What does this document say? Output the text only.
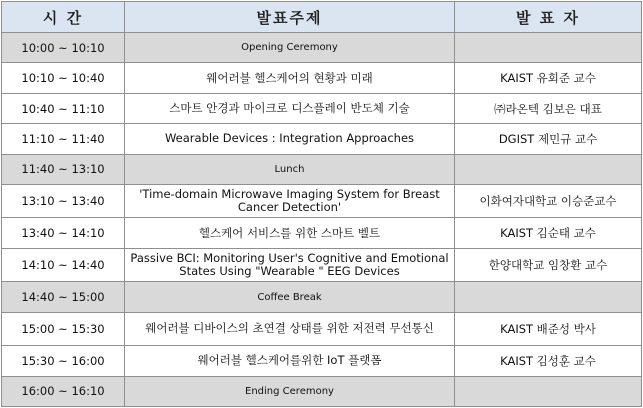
시 간	발표주제	발 표 자
10:00 ~ 10:10	Opening Ceremony	
10:10 ~ 10:40	웨어러블 헬스케어의 현황과 미래	KAIST 유회준 교수
10:40 ~ 11:10	스마트 안경과 마이크로 디스플레이 반도체 기술	㈜라온텍 김보은 대표
11:10 ~ 11:40	Wearable Devices : Integration Approaches	DGIST 제민규 교수
11:40 ~ 13:10	Lunch	
13:10 ~ 13:40	'Time-domain Microwave Imaging System for Breast Cancer Detection'	이화여자대학교 이승준교수
13:40 ~ 14:10	헬스케어 서비스를 위한 스마트 벨트	KAIST 김순태 교수
14:10 ~ 14:40	Passive BCI: Monitoring User's Cognitive and Emotional States Using "Wearable " EEG Devices	한양대학교 임창환 교수
14:40 ~ 15:00	Coffee Break	
15:00 ~ 15:30	웨어러블 디바이스의 초연결 상태를 위한 저전력 무선통신	KAIST 배준성 박사
15:30 ~ 16:00	웨어러블 헬스케어를위한 IoT 플랫폼	KAIST 김성훈 교수
16:00 ~ 16:10	Ending Ceremony	
